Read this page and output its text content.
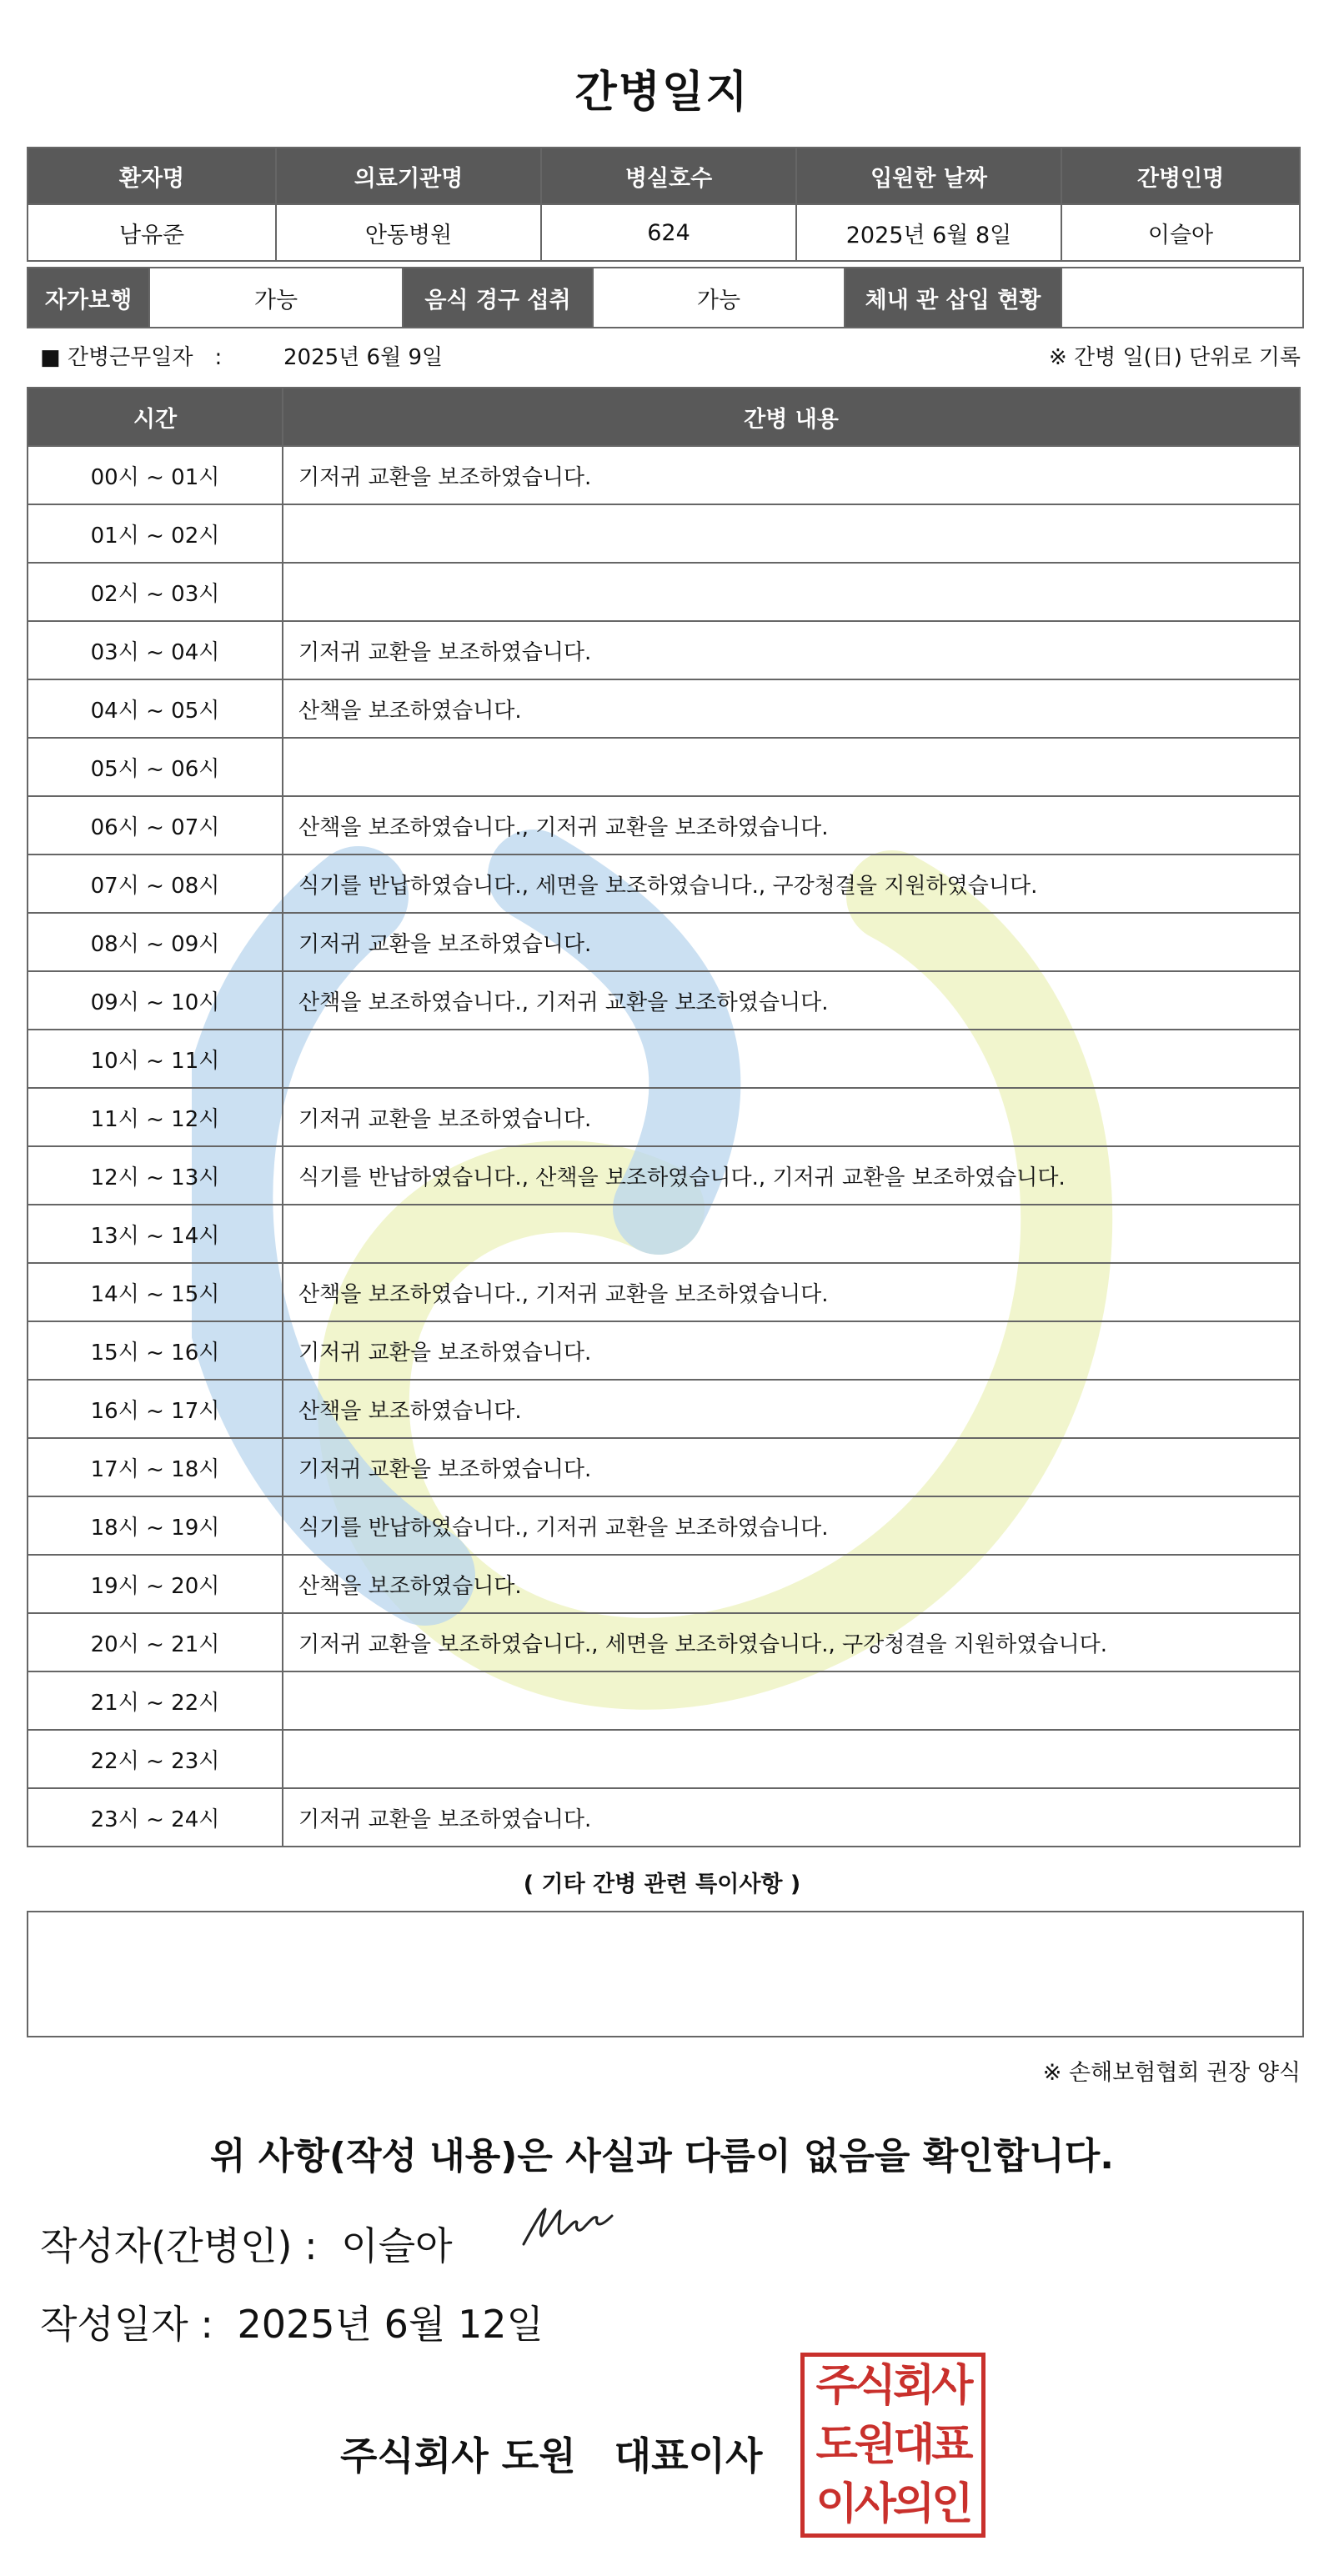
간병일지
환자명	의료기관명	병실호수	입원한 날짜	간병인명
남유준	안동병원	624	2025년 6월 8일	이슬아
자가보행	가능	음식 경구 섭취	가능	체내 관 삽입 현황
■ 간병근무일자　:	2025년 6월 9일	※ 간병 일(日) 단위로 기록
시간	간병 내용
00시 ~ 01시	기저귀 교환을 보조하였습니다.
01시 ~ 02시	
02시 ~ 03시	
03시 ~ 04시	기저귀 교환을 보조하였습니다.
04시 ~ 05시	산책을 보조하였습니다.
05시 ~ 06시	
06시 ~ 07시	산책을 보조하였습니다., 기저귀 교환을 보조하였습니다.
07시 ~ 08시	식기를 반납하였습니다., 세면을 보조하였습니다., 구강청결을 지원하였습니다.
08시 ~ 09시	기저귀 교환을 보조하였습니다.
09시 ~ 10시	산책을 보조하였습니다., 기저귀 교환을 보조하였습니다.
10시 ~ 11시	
11시 ~ 12시	기저귀 교환을 보조하였습니다.
12시 ~ 13시	식기를 반납하였습니다., 산책을 보조하였습니다., 기저귀 교환을 보조하였습니다.
13시 ~ 14시	
14시 ~ 15시	산책을 보조하였습니다., 기저귀 교환을 보조하였습니다.
15시 ~ 16시	기저귀 교환을 보조하였습니다.
16시 ~ 17시	산책을 보조하였습니다.
17시 ~ 18시	기저귀 교환을 보조하였습니다.
18시 ~ 19시	식기를 반납하였습니다., 기저귀 교환을 보조하였습니다.
19시 ~ 20시	산책을 보조하였습니다.
20시 ~ 21시	기저귀 교환을 보조하였습니다., 세면을 보조하였습니다., 구강청결을 지원하였습니다.
21시 ~ 22시	
22시 ~ 23시	
23시 ~ 24시	기저귀 교환을 보조하였습니다.
( 기타 간병 관련 특이사항 )
※ 손해보험협회 권장 양식
위 사항(작성 내용)은 사실과 다름이 없음을 확인합니다.
작성자(간병인) : 이슬아
작성일자 : 2025년 6월 12일
주식회사 도원　대표이사
주식회사
도원대표
이사의인
